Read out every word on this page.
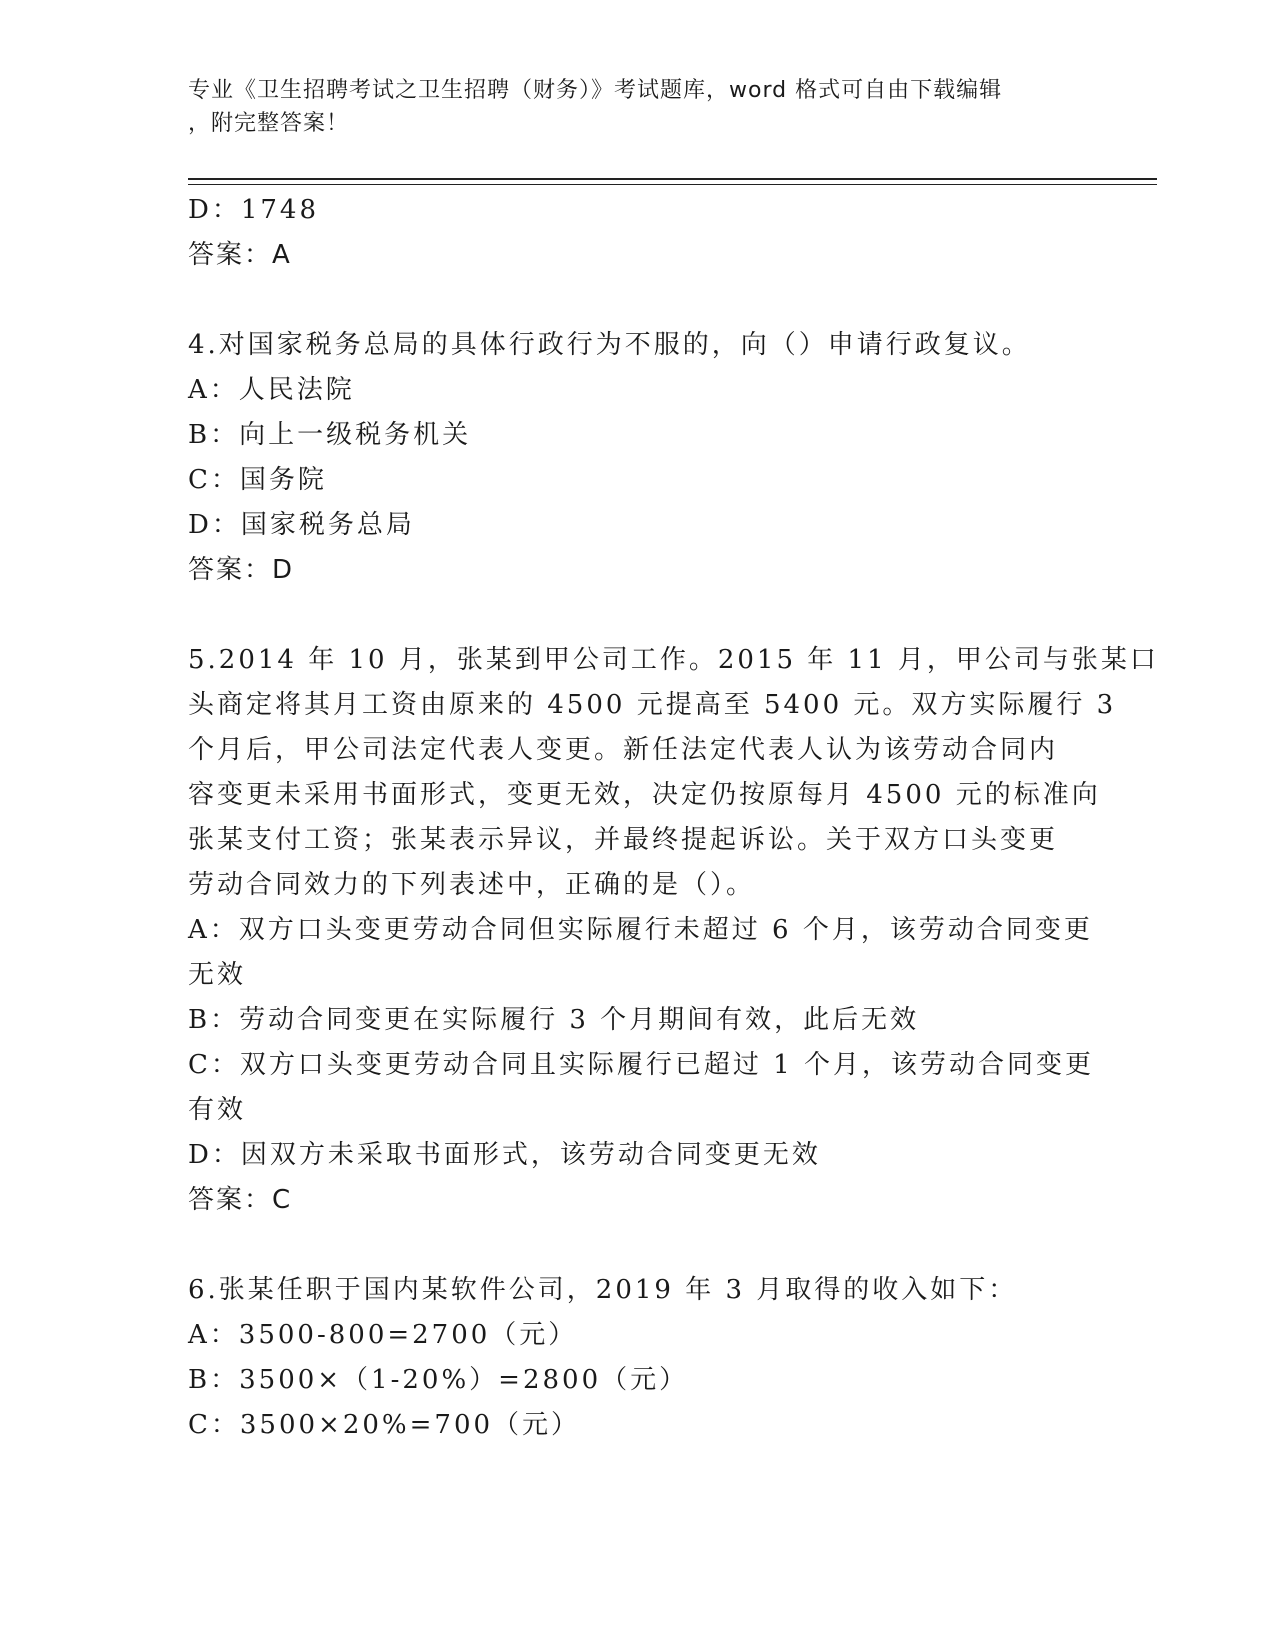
专业《卫生招聘考试之卫生招聘（财务）》考试题库，word 格式可自由下载编辑
，附完整答案！
D：1748
答案：A
4.对国家税务总局的具体行政行为不服的，向（）申请行政复议。
A：人民法院
B：向上一级税务机关
C：国务院
D：国家税务总局
答案：D
5.2014 年 10 月，张某到甲公司工作。2015 年 11 月，甲公司与张某口
头商定将其月工资由原来的 4500 元提高至 5400 元。双方实际履行 3
个月后，甲公司法定代表人变更。新任法定代表人认为该劳动合同内
容变更未采用书面形式，变更无效，决定仍按原每月 4500 元的标准向
张某支付工资；张某表示异议，并最终提起诉讼。关于双方口头变更
劳动合同效力的下列表述中，正确的是（）。
A：双方口头变更劳动合同但实际履行未超过 6 个月，该劳动合同变更
无效
B：劳动合同变更在实际履行 3 个月期间有效，此后无效
C：双方口头变更劳动合同且实际履行已超过 1 个月，该劳动合同变更
有效
D：因双方未采取书面形式，该劳动合同变更无效
答案：C
6.张某任职于国内某软件公司，2019 年 3 月取得的收入如下：
A：3500-800=2700（元）
B：3500×（1-20%）=2800（元）
C：3500×20%=700（元）
